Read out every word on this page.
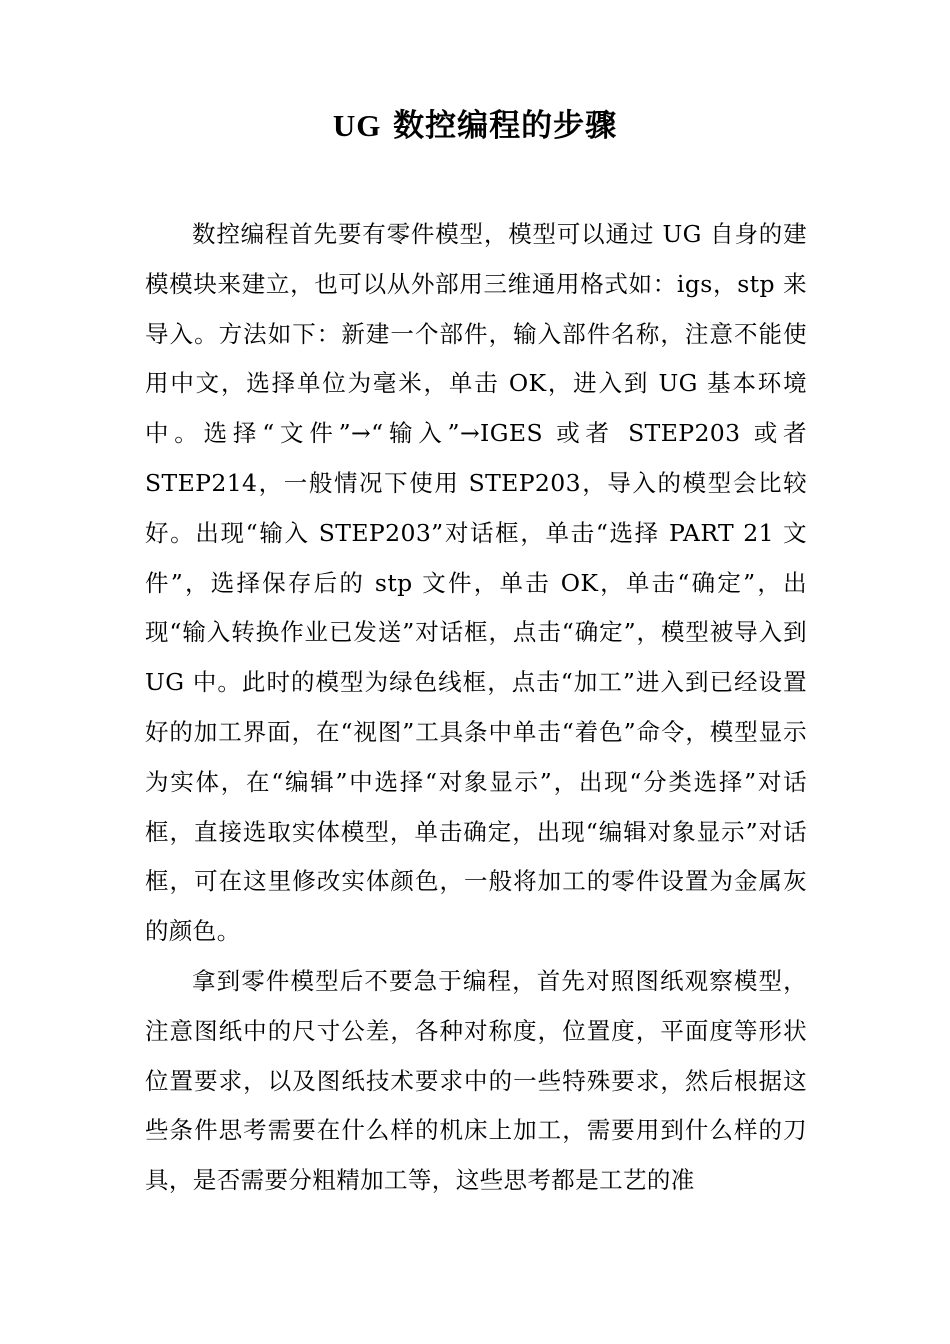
UG 数控编程的步骤

数控编程首先要有零件模型，模型可以通过 UG 自身的建模模块来建立，也可以从外部用三维通用格式如：igs，stp 来导入。方法如下：新建一个部件，输入部件名称，注意不能使用中文，选择单位为毫米，单击 OK，进入到 UG 基本环境中。选择“文件”→“输入”→IGES 或者 STEP203 或者 STEP214，一般情况下使用 STEP203，导入的模型会比较好。出现“输入 STEP203”对话框，单击“选择 PART 21 文件”，选择保存后的 stp 文件，单击 OK，单击“确定”，出现“输入转换作业已发送”对话框，点击“确定”，模型被导入到 UG 中。此时的模型为绿色线框，点击“加工”进入到已经设置好的加工界面，在“视图”工具条中单击“着色”命令，模型显示为实体，在“编辑”中选择“对象显示”，出现“分类选择”对话框，直接选取实体模型，单击确定，出现“编辑对象显示”对话框，可在这里修改实体颜色，一般将加工的零件设置为金属灰的颜色。

拿到零件模型后不要急于编程，首先对照图纸观察模型，注意图纸中的尺寸公差，各种对称度，位置度，平面度等形状位置要求，以及图纸技术要求中的一些特殊要求，然后根据这些条件思考需要在什么样的机床上加工，需要用到什么样的刀具，是否需要分粗精加工等，这些思考都是工艺的准
